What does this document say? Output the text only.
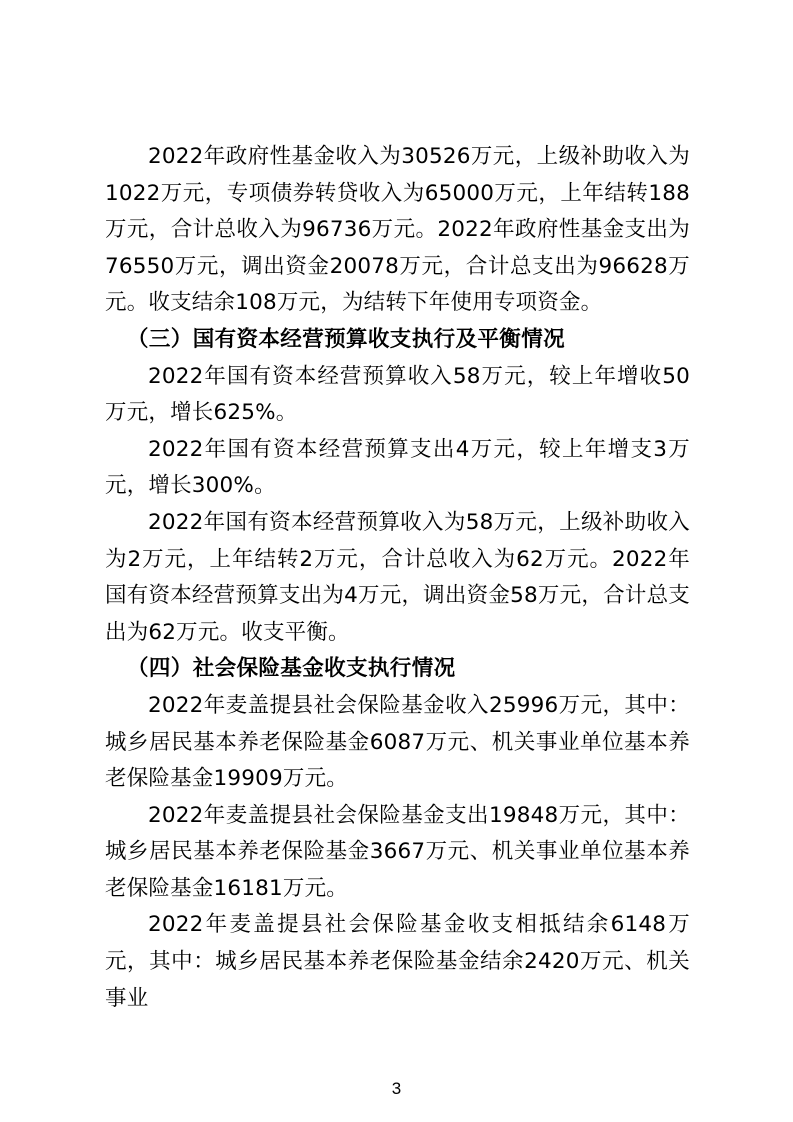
2022年政府性基金收入为30526万元，上级补助收入为1022万元，专项债券转贷收入为65000万元，上年结转188万元，合计总收入为96736万元。2022年政府性基金支出为76550万元，调出资金20078万元，合计总支出为96628万元。收支结余108万元，为结转下年使用专项资金。

（三）国有资本经营预算收支执行及平衡情况

2022年国有资本经营预算收入58万元，较上年增收50万元，增长625%。

2022年国有资本经营预算支出4万元，较上年增支3万元，增长300%。

2022年国有资本经营预算收入为58万元，上级补助收入为2万元，上年结转2万元，合计总收入为62万元。2022年国有资本经营预算支出为4万元，调出资金58万元，合计总支出为62万元。收支平衡。

（四）社会保险基金收支执行情况

2022年麦盖提县社会保险基金收入25996万元，其中：城乡居民基本养老保险基金6087万元、机关事业单位基本养老保险基金19909万元。

2022年麦盖提县社会保险基金支出19848万元，其中：城乡居民基本养老保险基金3667万元、机关事业单位基本养老保险基金16181万元。

2022年麦盖提县社会保险基金收支相抵结余6148万元，其中：城乡居民基本养老保险基金结余2420万元、机关事业

3
